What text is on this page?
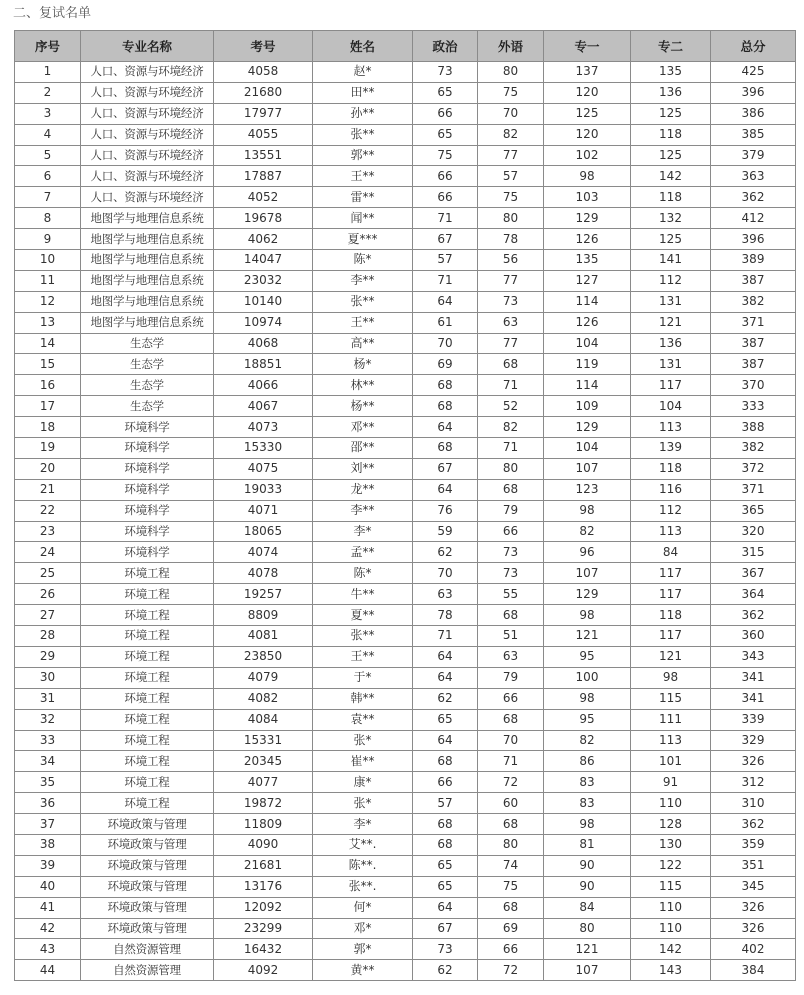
二、复试名单
序号	专业名称	考号	姓名	政治	外语	专一	专二	总分
1	人口、资源与环境经济	4058	赵*	73	80	137	135	425
2	人口、资源与环境经济	21680	田**	65	75	120	136	396
3	人口、资源与环境经济	17977	孙**	66	70	125	125	386
4	人口、资源与环境经济	4055	张**	65	82	120	118	385
5	人口、资源与环境经济	13551	郭**	75	77	102	125	379
6	人口、资源与环境经济	17887	王**	66	57	98	142	363
7	人口、资源与环境经济	4052	雷**	66	75	103	118	362
8	地图学与地理信息系统	19678	闻**	71	80	129	132	412
9	地图学与地理信息系统	4062	夏***	67	78	126	125	396
10	地图学与地理信息系统	14047	陈*	57	56	135	141	389
11	地图学与地理信息系统	23032	李**	71	77	127	112	387
12	地图学与地理信息系统	10140	张**	64	73	114	131	382
13	地图学与地理信息系统	10974	王**	61	63	126	121	371
14	生态学	4068	高**	70	77	104	136	387
15	生态学	18851	杨*	69	68	119	131	387
16	生态学	4066	林**	68	71	114	117	370
17	生态学	4067	杨**	68	52	109	104	333
18	环境科学	4073	邓**	64	82	129	113	388
19	环境科学	15330	邵**	68	71	104	139	382
20	环境科学	4075	刘**	67	80	107	118	372
21	环境科学	19033	龙**	64	68	123	116	371
22	环境科学	4071	李**	76	79	98	112	365
23	环境科学	18065	李*	59	66	82	113	320
24	环境科学	4074	孟**	62	73	96	84	315
25	环境工程	4078	陈*	70	73	107	117	367
26	环境工程	19257	牛**	63	55	129	117	364
27	环境工程	8809	夏**	78	68	98	118	362
28	环境工程	4081	张**	71	51	121	117	360
29	环境工程	23850	王**	64	63	95	121	343
30	环境工程	4079	于*	64	79	100	98	341
31	环境工程	4082	韩**	62	66	98	115	341
32	环境工程	4084	袁**	65	68	95	111	339
33	环境工程	15331	张*	64	70	82	113	329
34	环境工程	20345	崔**	68	71	86	101	326
35	环境工程	4077	康*	66	72	83	91	312
36	环境工程	19872	张*	57	60	83	110	310
37	环境政策与管理	11809	李*	68	68	98	128	362
38	环境政策与管理	4090	艾**.	68	80	81	130	359
39	环境政策与管理	21681	陈**.	65	74	90	122	351
40	环境政策与管理	13176	张**.	65	75	90	115	345
41	环境政策与管理	12092	何*	64	68	84	110	326
42	环境政策与管理	23299	邓*	67	69	80	110	326
43	自然资源管理	16432	郭*	73	66	121	142	402
44	自然资源管理	4092	黄**	62	72	107	143	384
